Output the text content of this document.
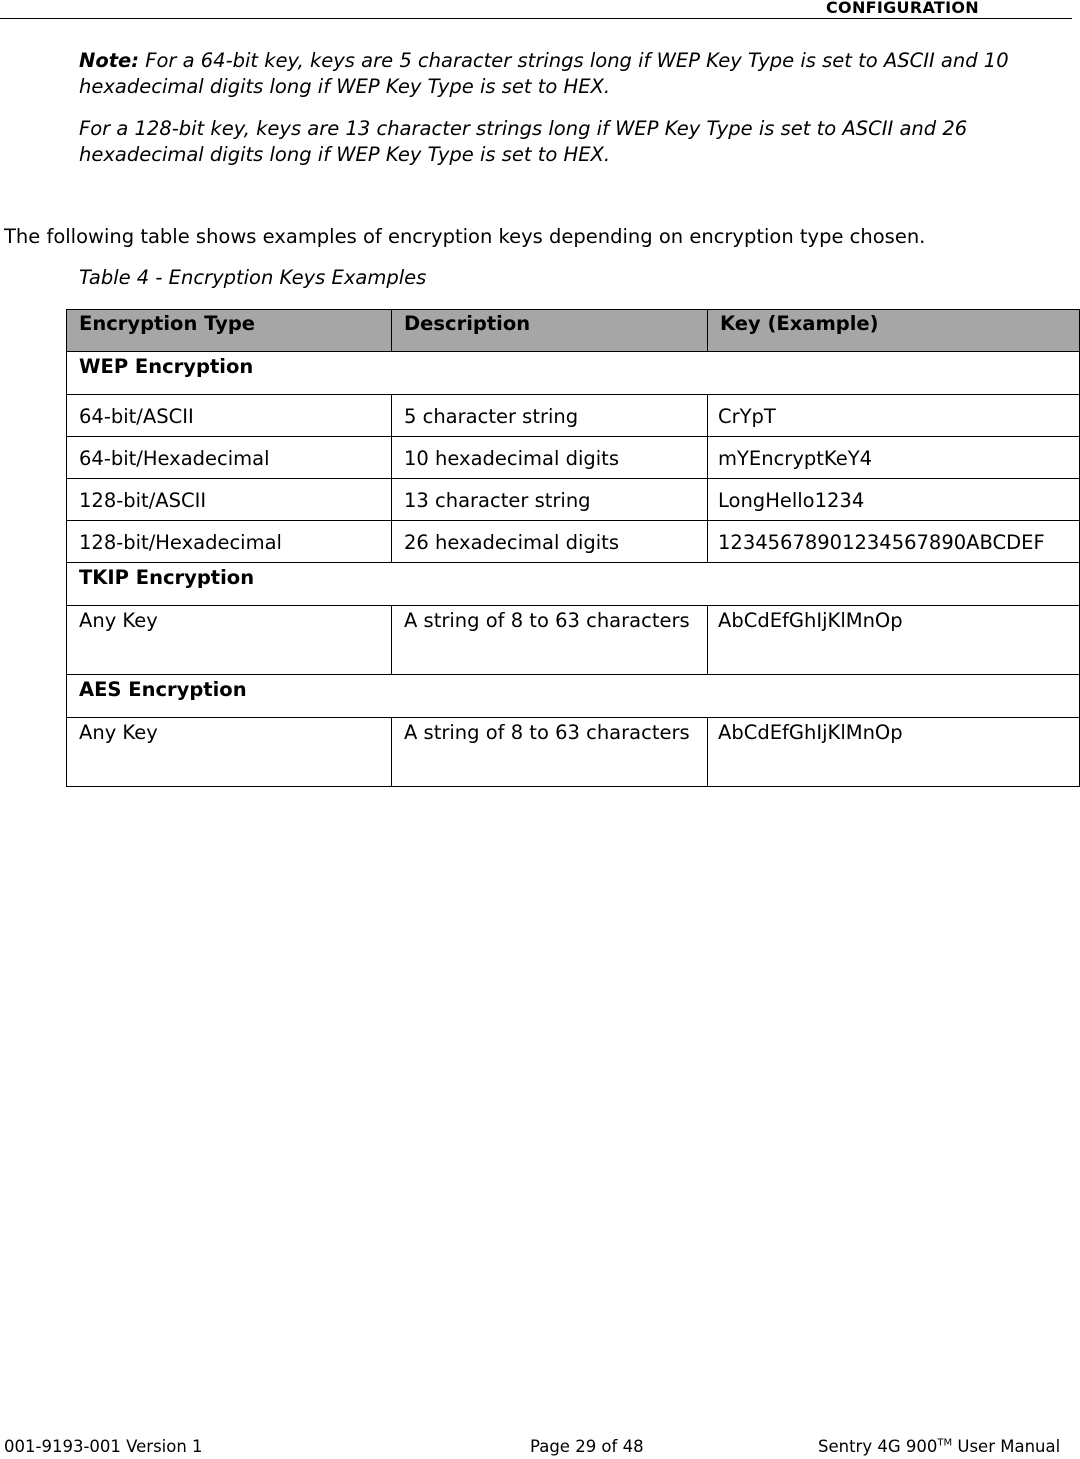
CONFIGURATION

Note: For a 64-bit key, keys are 5 character strings long if WEP Key Type is set to ASCII and 10 hexadecimal digits long if WEP Key Type is set to HEX.

For a 128-bit key, keys are 13 character strings long if WEP Key Type is set to ASCII and 26 hexadecimal digits long if WEP Key Type is set to HEX.

The following table shows examples of encryption keys depending on encryption type chosen.

Table 4 - Encryption Keys Examples

Encryption Type	Description	Key (Example)
WEP Encryption		
64-bit/ASCII	5 character string	CrYpT
64-bit/Hexadecimal	10 hexadecimal digits	mYEncryptKeY4
128-bit/ASCII	13 character string	LongHello1234
128-bit/Hexadecimal	26 hexadecimal digits	12345678901234567890ABCDEF
TKIP Encryption		
Any Key	A string of 8 to 63 characters	AbCdEfGhIjKlMnOp
AES Encryption		
Any Key	A string of 8 to 63 characters	AbCdEfGhIjKlMnOp

001-9193-001 Version 1	Page 29 of 48	Sentry 4G 900™ User Manual
